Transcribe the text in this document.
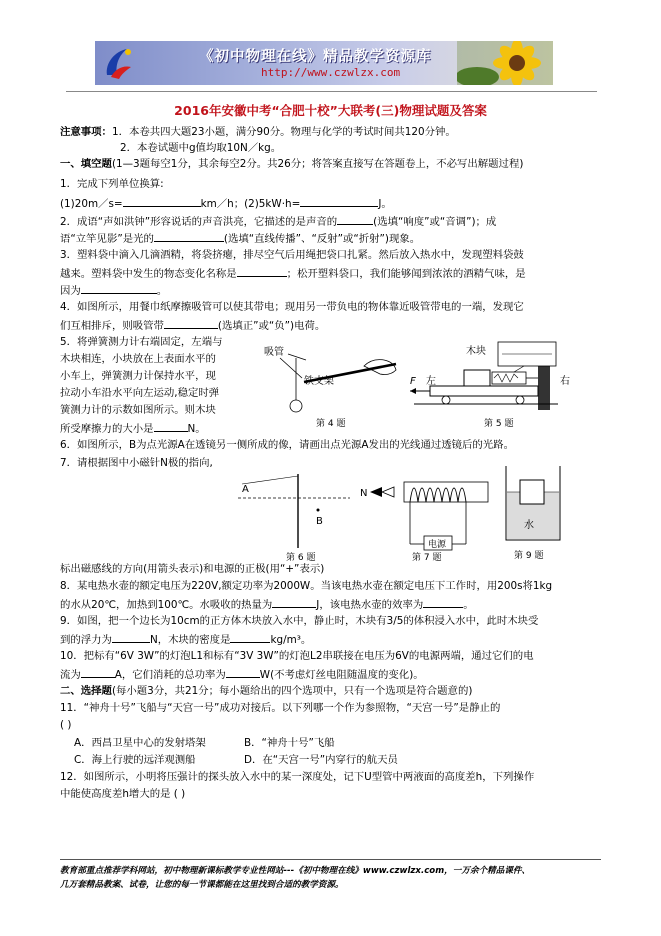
《初中物理在线》精品教学资源库
http://www.czwlzx.com
2016年安徽中考“合肥十校”大联考(三)物理试题及答案
注意事项：1．本卷共四大题23小题，满分90分。物理与化学的考试时间共120分钟。
2．本卷试题中g值均取10N／kg。
一、填空题(1—3题每空1分，其余每空2分。共26分；将答案直接写在答题卷上，不必写出解题过程)
1．完成下列单位换算:
(1)20m／s=	km／h；(2)5kW·h=	J。
2．成语“声如洪钟”形容说话的声音洪亮，它描述的是声音的	(选填“响度”或“音调”)；成
语“立竿见影”是光的	(选填“直线传播”、“反射”或“折射”)现象。
3．塑料袋中滴入几滴酒精，将袋挤瘪，排尽空气后用绳把袋口扎紧。然后放入热水中，发现塑料袋鼓
越来。塑料袋中发生的物态变化名称是	；松开塑料袋口，我们能够闻到浓浓的酒精气味，是
因为	。
4．如图所示，用餐巾纸摩擦吸管可以使其带电；现用另一带负电的物体靠近吸管带电的一端，发现它
们互相排斥，则吸管带	(选填正”或“负”)电荷。
5．将弹簧测力计右端固定，左端与
木块相连，小块放在上表面水平的
小车上，弹簧测力计保持水平，现
拉动小车沿水平向左运动,稳定时弹
簧测力计的示数如图所示。则木块
所受摩擦力的大小是	N。
吸管
铁支架
第 4 题
木块
F 左	右
第 5 题
6．如图所示，B为点光源A在透镜另一侧所成的像，请画出点光源A发出的光线通过透镜后的光路。
7．请根据图中小磁针N极的指向,
A
B
第 6 题
N
电源
第 7 题
水
第 9 题
标出磁感线的方向(用箭头表示)和电源的正极(用“+”表示)
8．某电热水壶的额定电压为220V,额定功率为2000W。当该电热水壶在额定电压下工作时，用200s将1kg
的水从20℃，加热到100℃。水吸收的热量为	J，该电热水壶的效率为	。
9．如图，把一个边长为10cm的正方体木块放入水中，静止时，木块有3/5的体积浸入水中，此时木块受
到的浮力为	N，木块的密度是	kg/m³。
10．把标有“6V 3W”的灯泡L1和标有“3V 3W”的灯泡L2串联接在电压为6V的电源两端，通过它们的电
流为	A，它们消耗的总功率为	W(不考虑灯丝电阻随温度的变化)。
二、选择题(每小题3分，共21分；每小题给出的四个选项中，只有一个选项是符合题意的)
11．“神舟十号”飞船与“天宫一号”成功对接后。以下列哪一个作为参照物，“天宫一号”是静止的
( )
A．西昌卫星中心的发射塔架	B．“神舟十号”飞船
C．海上行驶的远洋观测船	D．在“天宫一号”内穿行的航天员
12．如图所示，小明将压强计的探头放入水中的某一深度处，记下U型管中两液面的高度差h，下列操作
中能使高度差h增大的是 ( )
教育部重点推荐学科网站，初中物理新课标教学专业性网站---《初中物理在线》www.czwlzx.com，一万余个精品课件、
几万套精品教案、试卷，让您的每一节课都能在这里找到合适的教学资源。
